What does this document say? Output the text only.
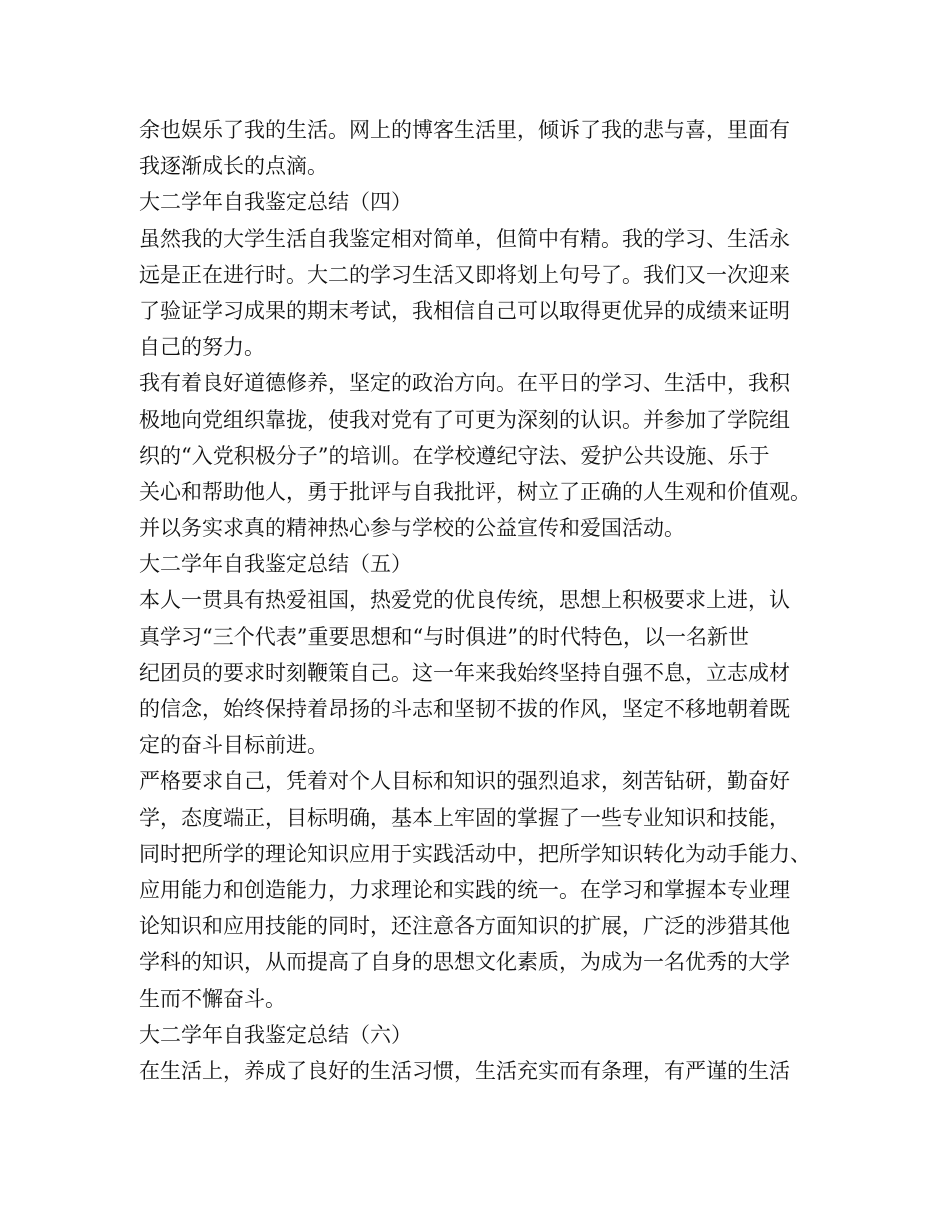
余也娱乐了我的生活。网上的博客生活里，倾诉了我的悲与喜，里面有
我逐渐成长的点滴。
大二学年自我鉴定总结（四）
虽然我的大学生活自我鉴定相对简单，但简中有精。我的学习、生活永
远是正在进行时。大二的学习生活又即将划上句号了。我们又一次迎来
了验证学习成果的期末考试，我相信自己可以取得更优异的成绩来证明
自己的努力。
我有着良好道德修养，坚定的政治方向。在平日的学习、生活中，我积
极地向党组织靠拢，使我对党有了可更为深刻的认识。并参加了学院组
织的“入党积极分子”的培训。在学校遵纪守法、爱护公共设施、乐于
关心和帮助他人，勇于批评与自我批评，树立了正确的人生观和价值观。
并以务实求真的精神热心参与学校的公益宣传和爱国活动。
大二学年自我鉴定总结（五）
本人一贯具有热爱祖国，热爱党的优良传统，思想上积极要求上进，认
真学习“三个代表”重要思想和“与时俱进”的时代特色，以一名新世
纪团员的要求时刻鞭策自己。这一年来我始终坚持自强不息，立志成材
的信念，始终保持着昂扬的斗志和坚韧不拔的作风，坚定不移地朝着既
定的奋斗目标前进。
严格要求自己，凭着对个人目标和知识的强烈追求，刻苦钻研，勤奋好
学，态度端正，目标明确，基本上牢固的掌握了一些专业知识和技能，
同时把所学的理论知识应用于实践活动中，把所学知识转化为动手能力、
应用能力和创造能力，力求理论和实践的统一。在学习和掌握本专业理
论知识和应用技能的同时，还注意各方面知识的扩展，广泛的涉猎其他
学科的知识，从而提高了自身的思想文化素质，为成为一名优秀的大学
生而不懈奋斗。
大二学年自我鉴定总结（六）
在生活上，养成了良好的生活习惯，生活充实而有条理，有严谨的生活
